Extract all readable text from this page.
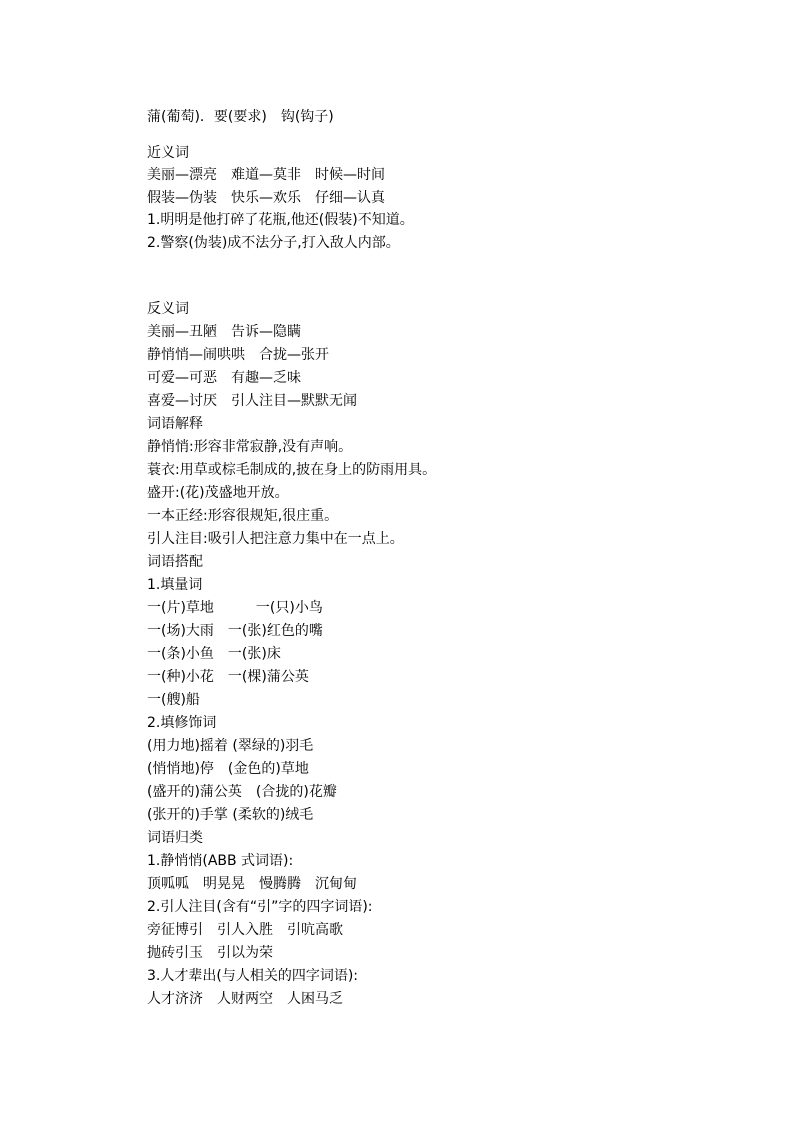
蒲(葡萄)．要(要求)　钩(钩子)
近义词
美丽—漂亮　难道—莫非　时候—时间
假装—伪装　快乐—欢乐　仔细—认真
1.明明是他打碎了花瓶,他还(假装)不知道。
2.警察(伪装)成不法分子,打入敌人内部。
反义词
美丽—丑陋　告诉—隐瞒
静悄悄—闹哄哄　合拢—张开
可爱—可恶　有趣—乏味
喜爱—讨厌　引人注目—默默无闻
词语解释
静悄悄:形容非常寂静,没有声响。
蓑衣:用草或棕毛制成的,披在身上的防雨用具。
盛开:(花)茂盛地开放。
一本正经:形容很规矩,很庄重。
引人注目:吸引人把注意力集中在一点上。
词语搭配
1.填量词
一(片)草地　　　一(只)小鸟
一(场)大雨　一(张)红色的嘴
一(条)小鱼　一(张)床
一(种)小花　一(棵)蒲公英
一(艘)船
2.填修饰词
(用力地)摇着 (翠绿的)羽毛
(悄悄地)停　(金色的)草地
(盛开的)蒲公英　(合拢的)花瓣
(张开的)手掌 (柔软的)绒毛
词语归类
1.静悄悄(ABB 式词语):
顶呱呱　明晃晃　慢腾腾　沉甸甸
2.引人注目(含有“引”字的四字词语):
旁征博引　引人入胜　引吭高歌
抛砖引玉　引以为荣
3.人才辈出(与人相关的四字词语):
人才济济　人财两空　人困马乏
